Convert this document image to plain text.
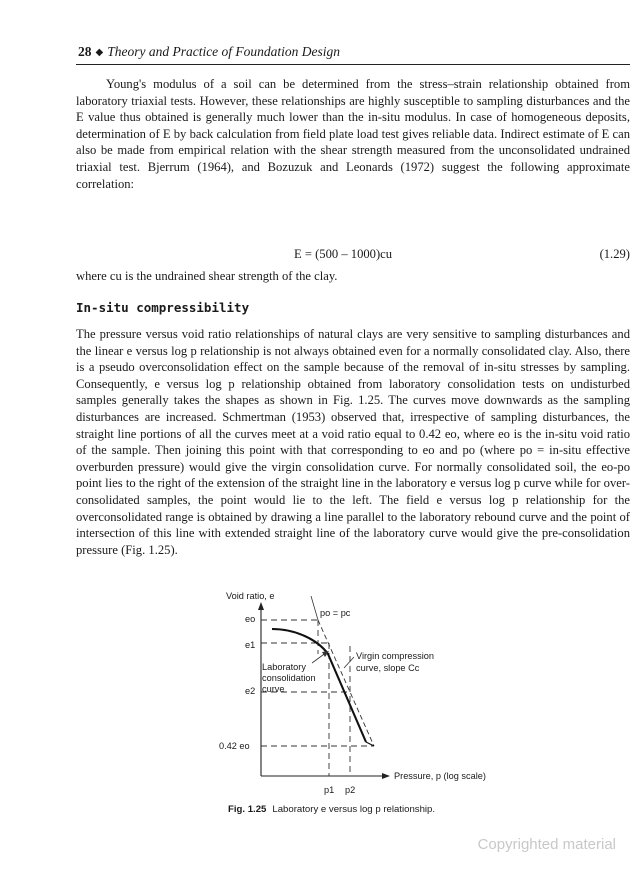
28 ◆ Theory and Practice of Foundation Design

Young's modulus of a soil can be determined from the stress–strain relationship obtained from laboratory triaxial tests. However, these relationships are highly susceptible to sampling disturbances and the E value thus obtained is generally much lower than the in-situ modulus. In case of homogeneous deposits, determination of E by back calculation from field plate load test gives reliable data. Indirect estimate of E can also be made from empirical relation with the shear strength measured from the unconsolidated undrained triaxial test. Bjerrum (1964), and Bozuzuk and Leonards (1972) suggest the following approximate correlation:

E = (500 – 1000)cu	(1.29)

where cu is the undrained shear strength of the clay.

In-situ compressibility

The pressure versus void ratio relationships of natural clays are very sensitive to sampling disturbances and the linear e versus log p relationship is not always obtained even for a normally consolidated clay. Also, there is a pseudo overconsolidation effect on the sample because of the removal of in-situ stresses by sampling. Consequently, e versus log p relationship obtained from laboratory consolidation tests on undisturbed samples generally takes the shapes as shown in Fig. 1.25. The curves move downwards as the sampling disturbances are increased. Schmertman (1953) observed that, irrespective of sampling disturbances, the straight line portions of all the curves meet at a void ratio equal to 0.42 eo, where eo is the in-situ void ratio of the sample. Then joining this point with that corresponding to eo and po (where po = in-situ effective overburden pressure) would give the virgin consolidation curve. For normally consolidated soil, the eo-po point lies to the right of the extension of the straight line in the laboratory e versus log p curve while for over-consolidated samples, the point would lie to the left. The field e versus log p relationship for the overconsolidated range is obtained by drawing a line parallel to the laboratory rebound curve and the point of intersection of this line with extended straight line of the laboratory curve would give the pre-consolidation pressure (Fig. 1.25).

Void ratio, e
Pressure, p (log scale)
eo
e1
e2
0.42 eo
po = pc
Laboratory
consolidation
curve
Virgin compression
curve, slope Cc
p1 p2
Fig. 1.25 Laboratory e versus log p relationship.
Copyrighted material
